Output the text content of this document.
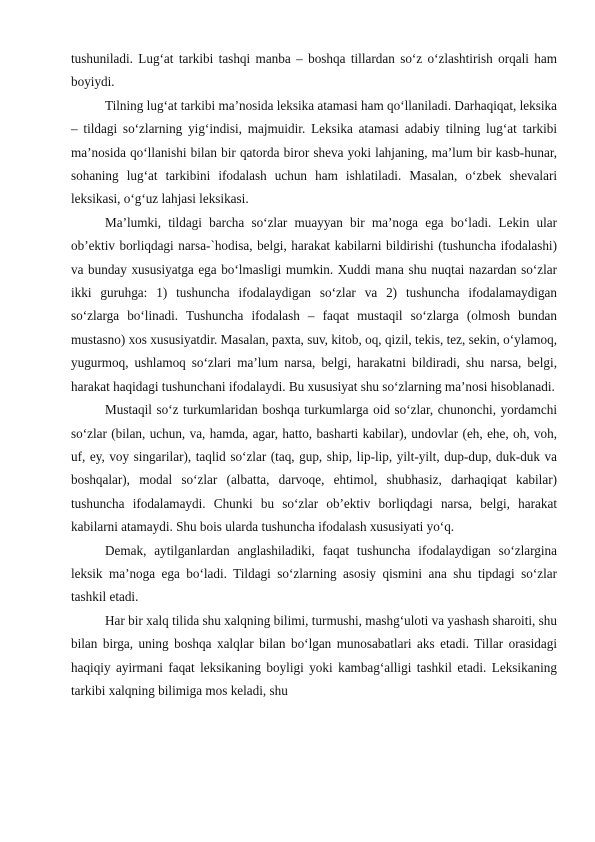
tushuniladi. Lug‘at tarkibi tashqi manba – boshqa tillardan so‘z o‘zlashtirish orqali ham boyiydi.

Tilning lug‘at tarkibi ma’nosida leksika atamasi ham qo‘llaniladi. Darhaqiqat, leksika – tildagi so‘zlarning yig‘indisi, majmuidir. Leksika atamasi adabiy tilning lug‘at tarkibi ma’nosida qo‘llanishi bilan bir qatorda biror sheva yoki lahjaning, ma’lum bir kasb-hunar, sohaning lug‘at tarkibini ifodalash uchun ham ishlatiladi. Masalan, o‘zbek shevalari leksikasi, o‘g‘uz lahjasi leksikasi.

Ma’lumki, tildagi barcha so‘zlar muayyan bir ma’noga ega bo‘ladi. Lekin ular ob’ektiv borliqdagi narsa-`hodisa, belgi, harakat kabilarni bildirishi (tushuncha ifodalashi) va bunday xususiyatga ega bo‘lmasligi mumkin. Xuddi mana shu nuqtai nazardan so‘zlar ikki guruhga: 1) tushuncha ifodalaydigan so‘zlar va 2) tushuncha ifodalamaydigan so‘zlarga bo‘linadi. Tushuncha ifodalash – faqat mustaqil so‘zlarga (olmosh bundan mustasno) xos xususiyatdir. Masalan, paxta, suv, kitob, oq, qizil, tekis, tez, sekin, o‘ylamoq, yugurmoq, ushlamoq so‘zlari ma’lum narsa, belgi, harakatni bildiradi, shu narsa, belgi, harakat haqidagi tushunchani ifodalaydi. Bu xususiyat shu so‘zlarning ma’nosi hisoblanadi.

Mustaqil so‘z turkumlaridan boshqa turkumlarga oid so‘zlar, chunonchi, yordamchi so‘zlar (bilan, uchun, va, hamda, agar, hatto, basharti kabilar), undovlar (eh, ehe, oh, voh, uf, ey, voy singarilar), taqlid so‘zlar (taq, gup, ship, lip-lip, yilt-yilt, dup-dup, duk-duk va boshqalar), modal so‘zlar (albatta, darvoqe, ehtimol, shubhasiz, darhaqiqat kabilar) tushuncha ifodalamaydi. Chunki bu so‘zlar ob’ektiv borliqdagi narsa, belgi, harakat kabilarni atamaydi. Shu bois ularda tushuncha ifodalash xususiyati yo‘q.

Demak, aytilganlardan anglashiladiki, faqat tushuncha ifodalaydigan so‘zlargina leksik ma’noga ega bo‘ladi. Tildagi so‘zlarning asosiy qismini ana shu tipdagi so‘zlar tashkil etadi.

Har bir xalq tilida shu xalqning bilimi, turmushi, mashg‘uloti va yashash sharoiti, shu bilan birga, uning boshqa xalqlar bilan bo‘lgan munosabatlari aks etadi. Tillar orasidagi haqiqiy ayirmani faqat leksikaning boyligi yoki kambag‘alligi tashkil etadi. Leksikaning tarkibi xalqning bilimiga mos keladi, shu
